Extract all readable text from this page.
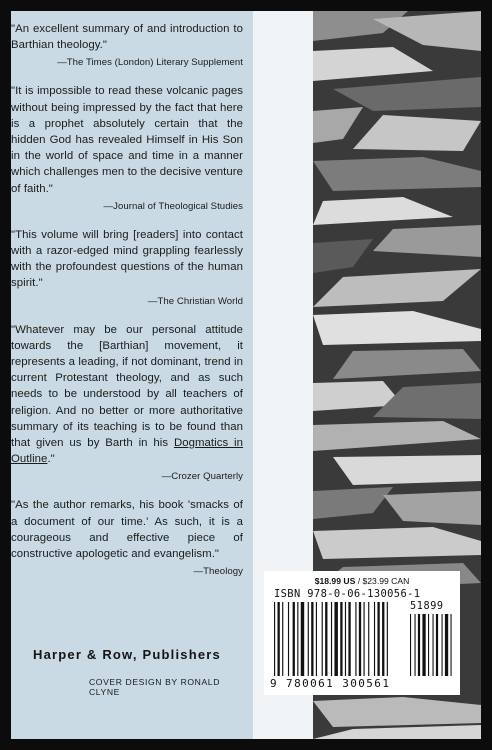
"An excellent summary of and introduction to Barthian theology."

—The Times (London) Literary Supplement

"It is impossible to read these volcanic pages without being impressed by the fact that here is a prophet absolutely certain that the hidden God has revealed Himself in His Son in the world of space and time in a manner which challenges men to the decisive venture of faith."

—Journal of Theological Studies

"This volume will bring [readers] into contact with a razor-edged mind grappling fearlessly with the profoundest questions of the human spirit."

—The Christian World

"Whatever may be our personal attitude towards the [Barthian] movement, it represents a leading, if not dominant, trend in current Protestant theology, and as such needs to be understood by all teachers of religion. And no better or more authoritative summary of its teaching is to be found than that given us by Barth in his Dogmatics in Outline."

—Crozer Quarterly

"As the author remarks, his book 'smacks of a document of our time.' As such, it is a courageous and effective piece of constructive apologetic and evangelism."

—Theology

Harper & Row, Publishers
COVER DESIGN BY RONALD CLYNE
$18.99 US / $23.99 CAN
ISBN 978-0-06-130056-1
51899
9 780061 300561
